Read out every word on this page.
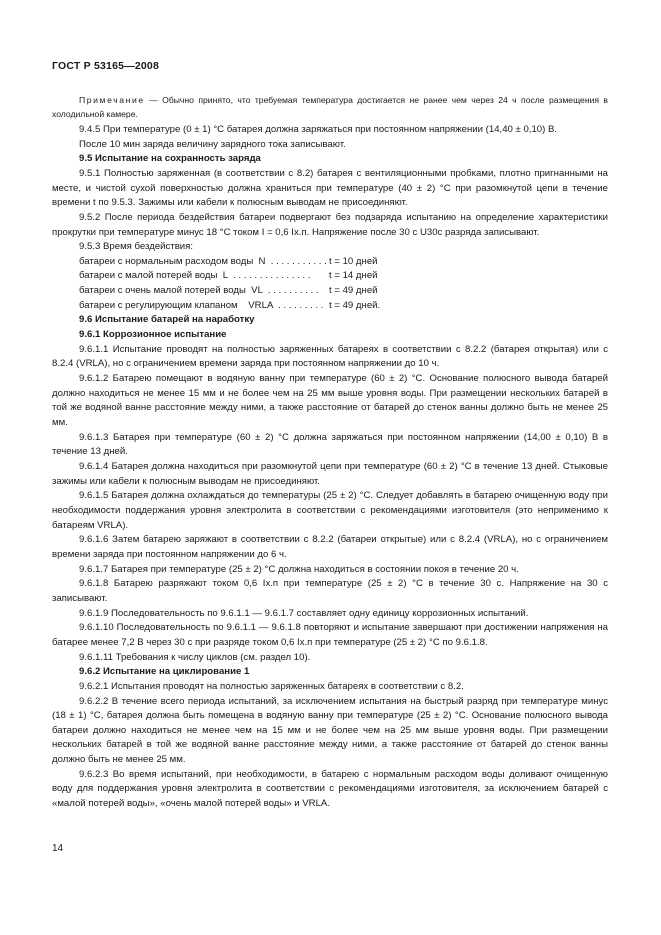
ГОСТ Р 53165—2008

Примечание — Обычно принято, что требуемая температура достигается не ранее чем через 24 ч после размещения в холодильной камере.

9.4.5 При температуре (0 ± 1) °С батарея должна заряжаться при постоянном напряжении (14,40 ± 0,10) В.

После 10 мин заряда величину зарядного тока записывают.

9.5 Испытание на сохранность заряда

9.5.1 Полностью заряженная (в соответствии с 8.2) батарея с вентиляционными пробками, плотно пригнанными на месте, и чистой сухой поверхностью должна храниться при температуре (40 ± 2) °С при разомкнутой цепи в течение времени t по 9.5.3. Зажимы или кабели к полюсным выводам не присоединяют.

9.5.2 После периода бездействия батареи подвергают без подзаряда испытанию на определение характеристики прокрутки при температуре минус 18 °С током I = 0,6 Iх.п. Напряжение после 30 с U30c разряда записывают.

9.5.3 Время бездействия:

батареи с нормальным расходом воды  N  . . . . . . . . . . . t = 10 дней
батареи с малой потерей воды  L  . . . . . . . . . . . . . . .	t = 14 дней
батареи с очень малой потерей воды  VL  . . . . . . . . . .	t = 49 дней
батареи с регулирующим клапаном    VRLA  . . . . . . . . . t = 49 дней.

9.6 Испытание батарей на наработку

9.6.1 Коррозионное испытание

9.6.1.1 Испытание проводят на полностью заряженных батареях в соответствии с 8.2.2 (батарея открытая) или с 8.2.4 (VRLA), но с ограничением времени заряда при постоянном напряжении до 10 ч.

9.6.1.2 Батарею помещают в водяную ванну при температуре (60 ± 2) °С. Основание полюсного вывода батарей должно находиться не менее 15 мм и не более чем на 25 мм выше уровня воды. При размещении нескольких батарей в той же водяной ванне расстояние между ними, а также расстояние от батарей до стенок ванны должно быть не менее 25 мм.

9.6.1.3 Батарея при температуре (60 ± 2) °С должна заряжаться при постоянном напряжении (14,00 ± 0,10) В в течение 13 дней.

9.6.1.4 Батарея должна находиться при разомкнутой цепи при температуре (60 ± 2) °С в течение 13 дней. Стыковые зажимы или кабели к полюсным выводам не присоединяют.

9.6.1.5 Батарея должна охлаждаться до температуры (25 ± 2) °С. Следует добавлять в батарею очищенную воду при необходимости поддержания уровня электролита в соответствии с рекомендациями изготовителя (это неприменимо к батареям VRLA).

9.6.1.6 Затем батарею заряжают в соответствии с 8.2.2 (батареи открытые) или с 8.2.4 (VRLA), но с ограничением времени заряда при постоянном напряжении до 6 ч.

9.6.1.7 Батарея при температуре (25 ± 2) °С должна находиться в состоянии покоя в течение 20 ч.

9.6.1.8 Батарею разряжают током 0,6 Iх.п при температуре (25 ± 2) °С в течение 30 с. Напряжение на 30 с записывают.

9.6.1.9 Последовательность по 9.6.1.1 — 9.6.1.7 составляет одну единицу коррозионных испытаний.

9.6.1.10 Последовательность по 9.6.1.1 — 9.6.1.8 повторяют и испытание завершают при достижении напряжения на батарее менее 7,2 В через 30 с при разряде током 0,6 Iх.п при температуре (25 ± 2) °С по 9.6.1.8.

9.6.1.11 Требования к числу циклов (см. раздел 10).

9.6.2 Испытание на циклирование 1

9.6.2.1 Испытания проводят на полностью заряженных батареях в соответствии с 8.2.

9.6.2.2 В течение всего периода испытаний, за исключением испытания на быстрый разряд при температуре минус (18 ± 1) °С, батарея должна быть помещена в водяную ванну при температуре (25 ± 2) °С. Основание полюсного вывода батареи должно находиться не менее чем на 15 мм и не более чем на 25 мм выше уровня воды. При размещении нескольких батарей в той же водяной ванне расстояние между ними, а также расстояние от батарей до стенок ванны должно быть не менее 25 мм.

9.6.2.3 Во время испытаний, при необходимости, в батарею с нормальным расходом воды доливают очищенную воду для поддержания уровня электролита в соответствии с рекомендациями изготовителя, за исключением батарей с «малой потерей воды», «очень малой потерей воды» и VRLA.

14
